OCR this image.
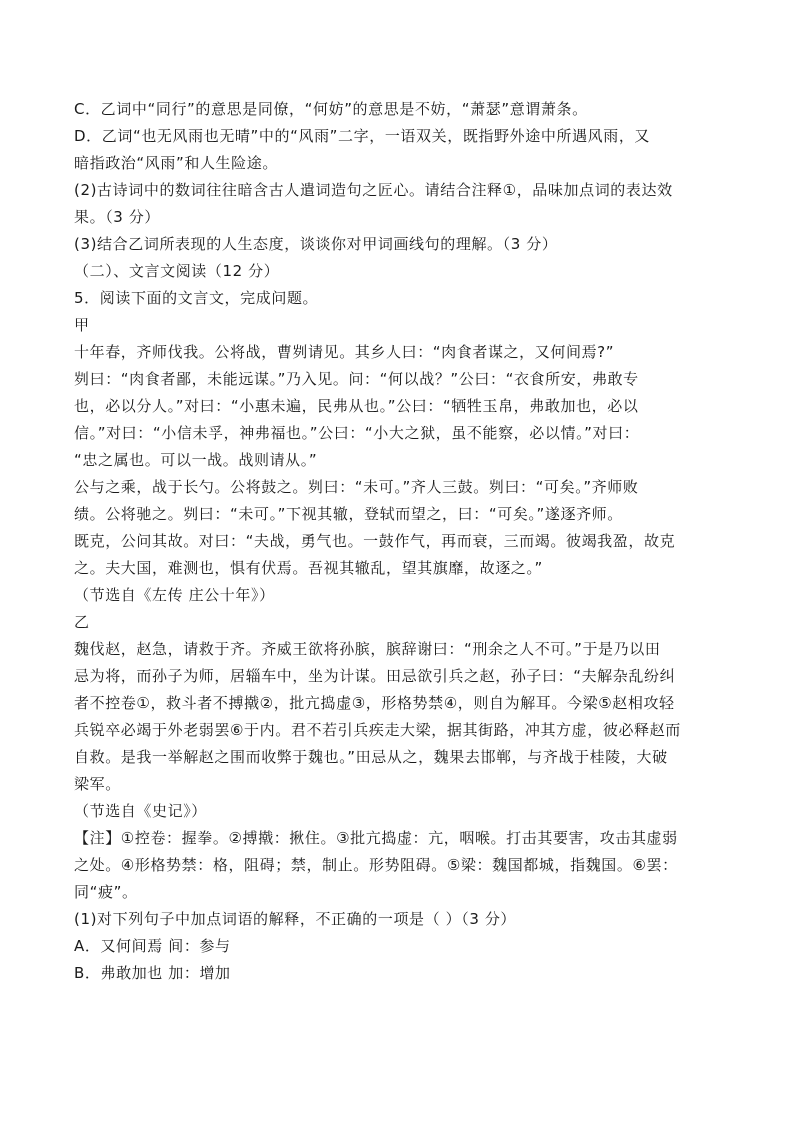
C．乙词中“同行”的意思是同僚，“何妨”的意思是不妨，“萧瑟”意谓萧条。
D．乙词“也无风雨也无晴”中的“风雨”二字，一语双关，既指野外途中所遇风雨，又
暗指政治“风雨”和人生险途。
(2)古诗词中的数词往往暗含古人遣词造句之匠心。请结合注释①，品味加点词的表达效
果。（3 分）
(3)结合乙词所表现的人生态度，谈谈你对甲词画线句的理解。（3 分）
（二）、文言文阅读（12 分）
5．阅读下面的文言文，完成问题。
甲
十年春，齐师伐我。公将战，曹刿请见。其乡人曰：“肉食者谋之，又何间焉?”
刿曰：“肉食者鄙，未能远谋。”乃入见。问：“何以战？”公曰：“衣食所安，弗敢专
也，必以分人。”对曰：“小惠未遍，民弗从也。”公曰：“牺牲玉帛，弗敢加也，必以
信。”对曰：“小信未孚，神弗福也。”公曰：“小大之狱，虽不能察，必以情。”对曰：
“忠之属也。可以一战。战则请从。”
公与之乘，战于长勺。公将鼓之。刿曰：“未可。”齐人三鼓。刿曰：“可矣。”齐师败
绩。公将驰之。刿曰：“未可。”下视其辙，登轼而望之，曰：“可矣。”遂逐齐师。
既克，公问其故。对曰：“夫战，勇气也。一鼓作气，再而衰，三而竭。彼竭我盈，故克
之。夫大国，难测也，惧有伏焉。吾视其辙乱，望其旗靡，故逐之。”
（节选自《左传 庄公十年》）
乙
魏伐赵，赵急，请救于齐。齐威王欲将孙膑，膑辞谢曰：“刑余之人不可。”于是乃以田
忌为将，而孙子为师，居辎车中，坐为计谋。田忌欲引兵之赵，孙子曰：“夫解杂乱纷纠
者不控卷①，救斗者不搏撠②，批亢捣虚③，形格势禁④，则自为解耳。今梁⑤赵相攻轻
兵锐卒必竭于外老弱罢⑥于内。君不若引兵疾走大梁，据其街路，冲其方虚，彼必释赵而
自救。是我一举解赵之围而收弊于魏也。”田忌从之，魏果去邯郸，与齐战于桂陵，大破
梁军。
（节选自《史记》）
【注】①控卷：握拳。②搏撠：揪住。③批亢捣虚：亢，咽喉。打击其要害，攻击其虚弱
之处。④形格势禁：格，阻碍；禁，制止。形势阻碍。⑤梁：魏国都城，指魏国。⑥罢：
同“疲”。
(1)对下列句子中加点词语的解释，不正确的一项是（ ）（3 分）
A．又何间焉 间：参与
B．弗敢加也 加：增加
